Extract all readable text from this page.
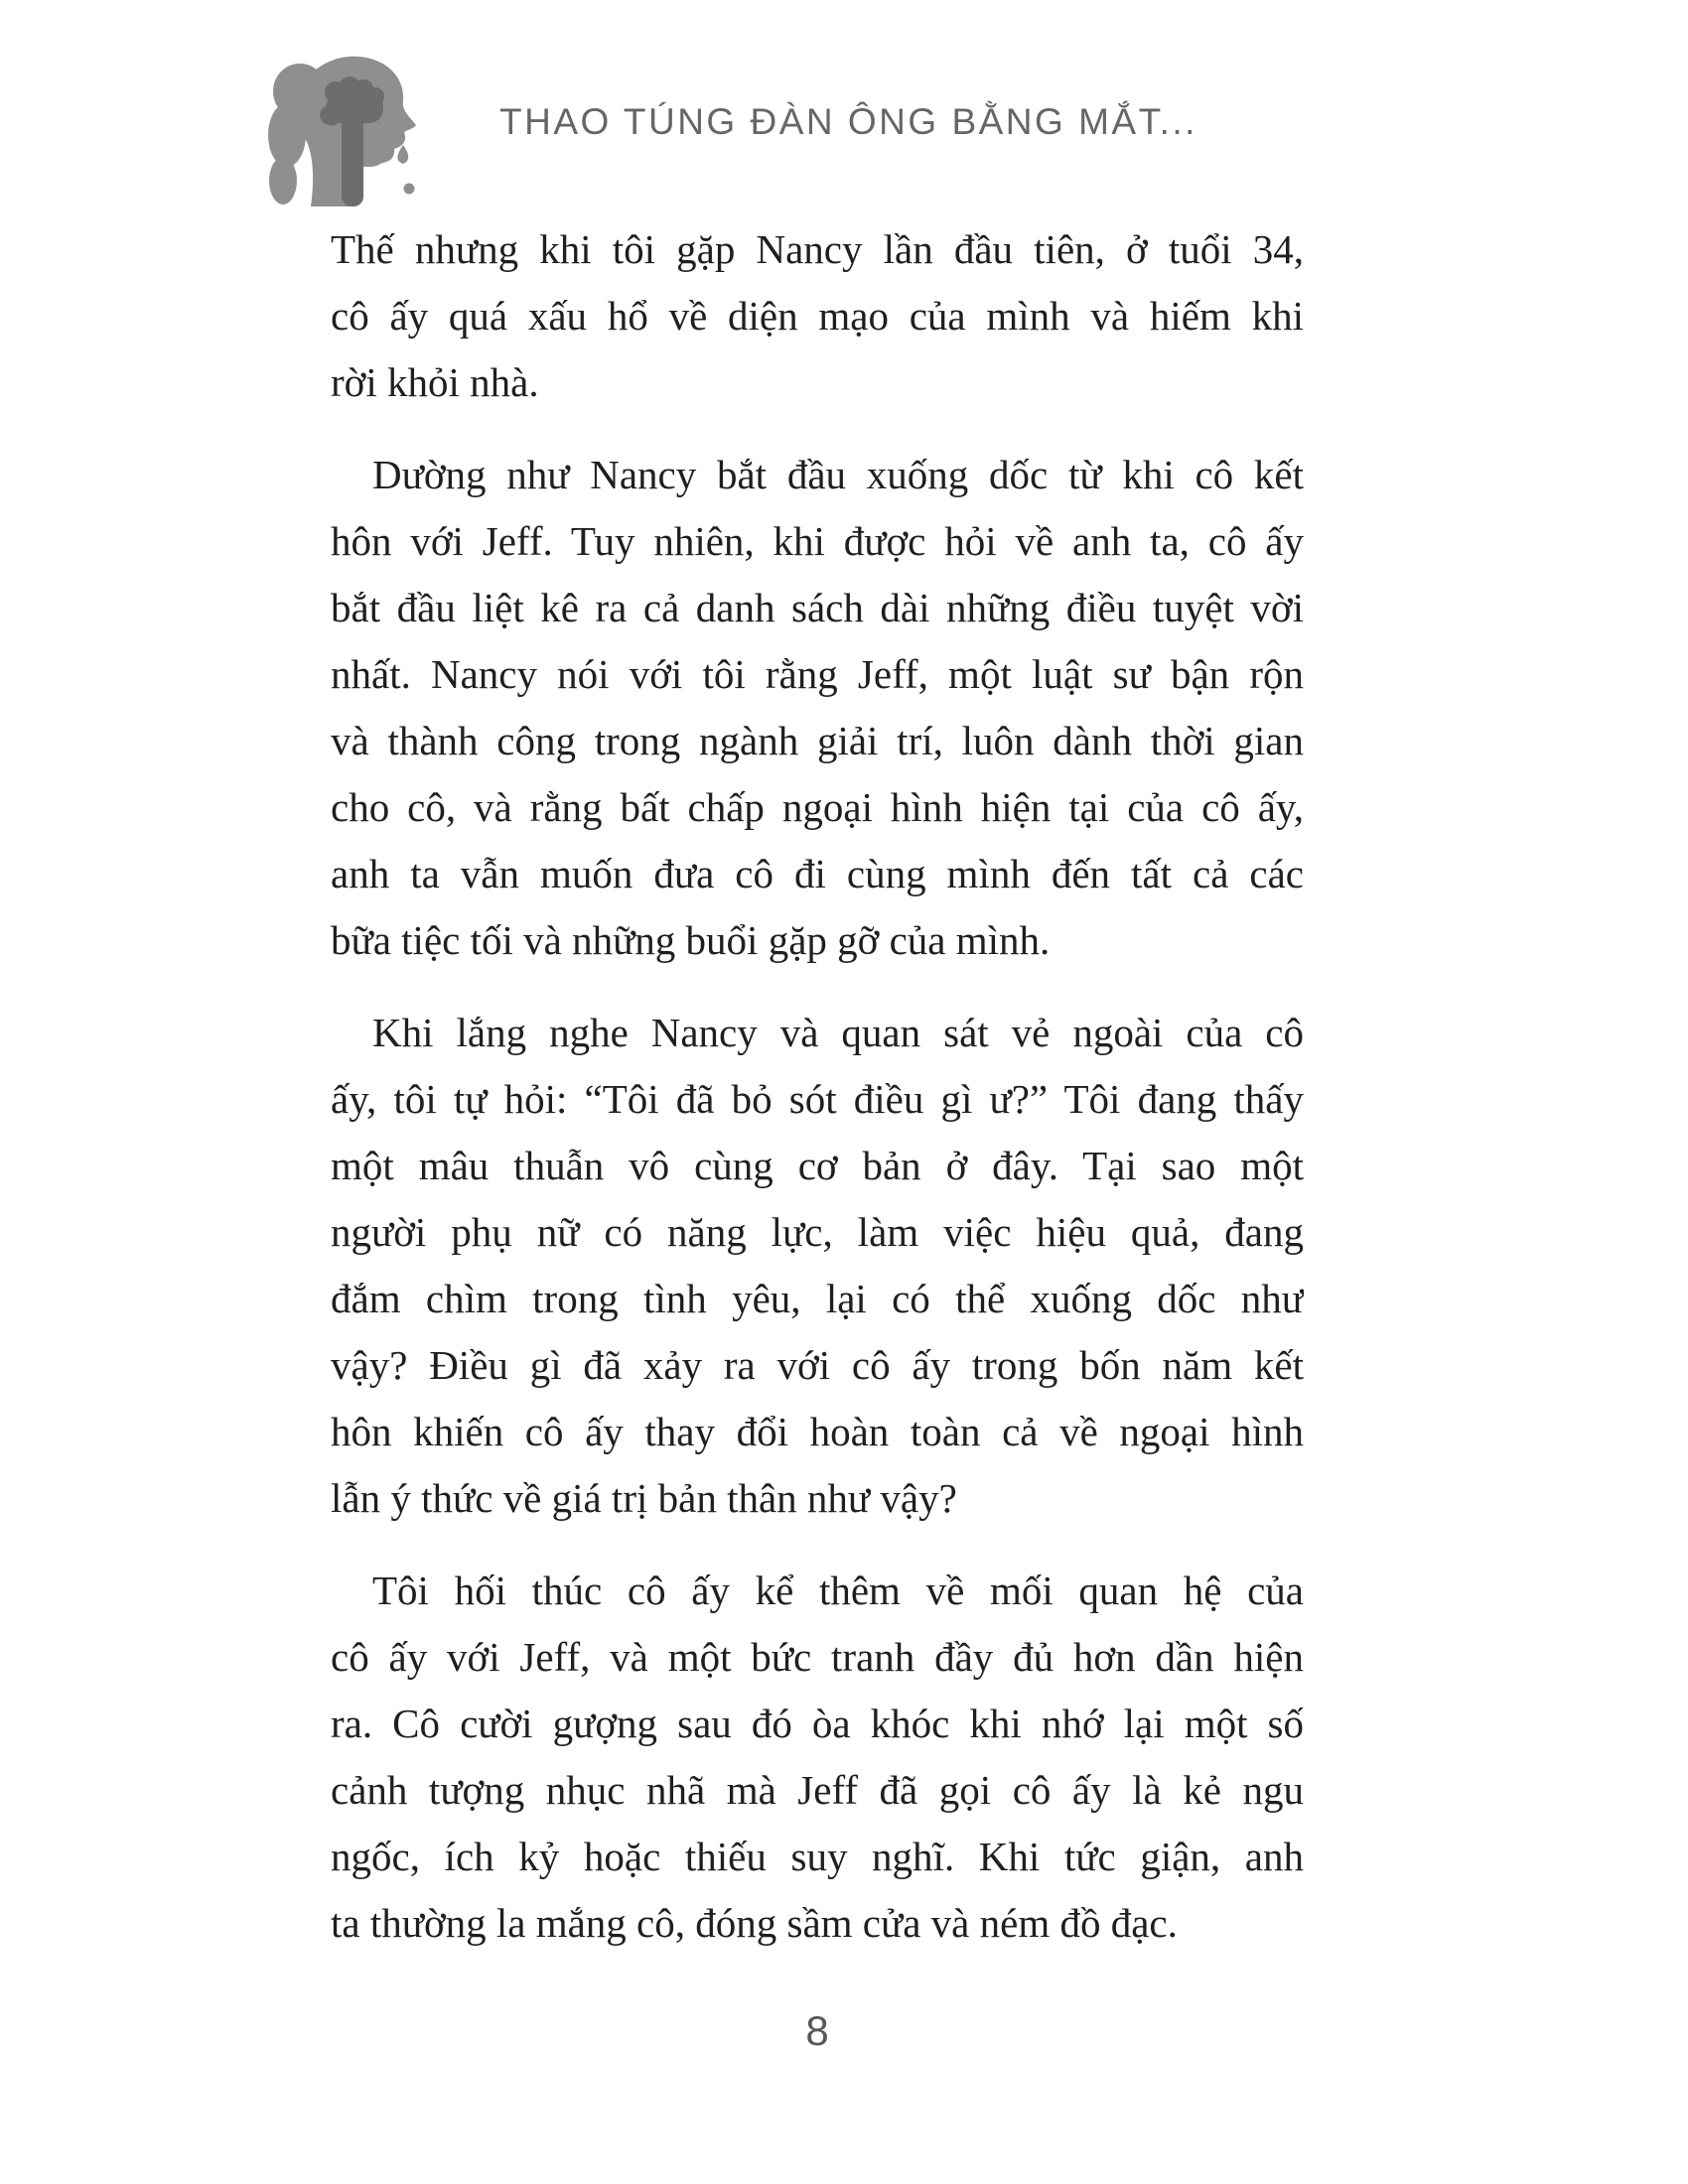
THAO TÚNG ĐÀN ÔNG BẰNG MẮT...

Thế nhưng khi tôi gặp Nancy lần đầu tiên, ở tuổi 34,
cô ấy quá xấu hổ về diện mạo của mình và hiếm khi
rời khỏi nhà.

Dường như Nancy bắt đầu xuống dốc từ khi cô kết
hôn với Jeff. Tuy nhiên, khi được hỏi về anh ta, cô ấy
bắt đầu liệt kê ra cả danh sách dài những điều tuyệt vời
nhất. Nancy nói với tôi rằng Jeff, một luật sư bận rộn
và thành công trong ngành giải trí, luôn dành thời gian
cho cô, và rằng bất chấp ngoại hình hiện tại của cô ấy,
anh ta vẫn muốn đưa cô đi cùng mình đến tất cả các
bữa tiệc tối và những buổi gặp gỡ của mình.

Khi lắng nghe Nancy và quan sát vẻ ngoài của cô
ấy, tôi tự hỏi: “Tôi đã bỏ sót điều gì ư?” Tôi đang thấy
một mâu thuẫn vô cùng cơ bản ở đây. Tại sao một
người phụ nữ có năng lực, làm việc hiệu quả, đang
đắm chìm trong tình yêu, lại có thể xuống dốc như
vậy? Điều gì đã xảy ra với cô ấy trong bốn năm kết
hôn khiến cô ấy thay đổi hoàn toàn cả về ngoại hình
lẫn ý thức về giá trị bản thân như vậy?

Tôi hối thúc cô ấy kể thêm về mối quan hệ của
cô ấy với Jeff, và một bức tranh đầy đủ hơn dần hiện
ra. Cô cười gượng sau đó òa khóc khi nhớ lại một số
cảnh tượng nhục nhã mà Jeff đã gọi cô ấy là kẻ ngu
ngốc, ích kỷ hoặc thiếu suy nghĩ. Khi tức giận, anh
ta thường la mắng cô, đóng sầm cửa và ném đồ đạc.

8
